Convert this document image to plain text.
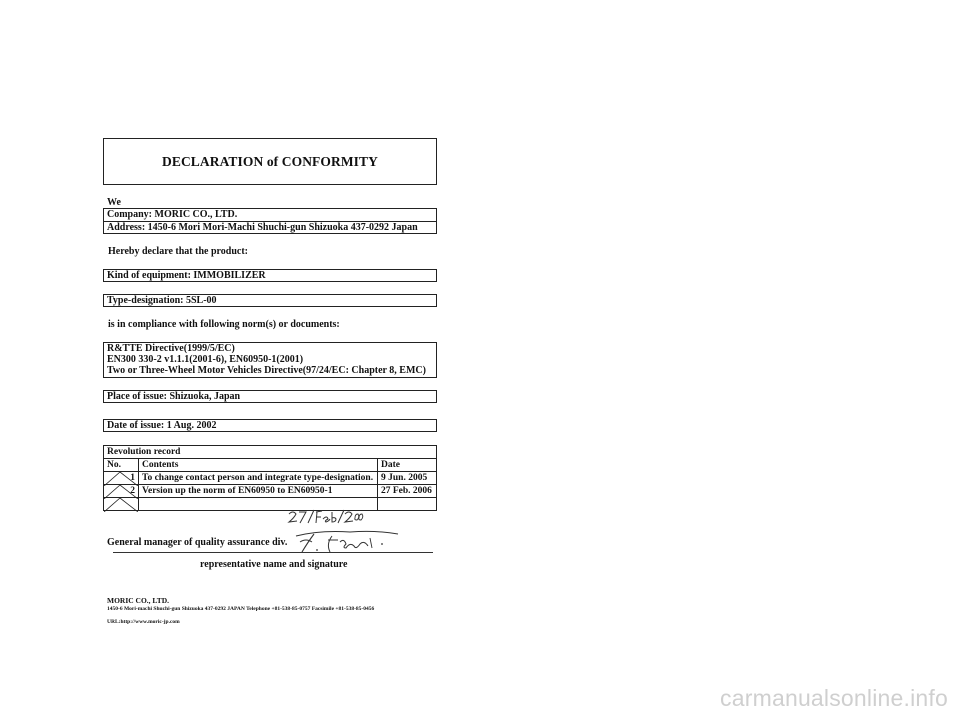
DECLARATION of CONFORMITY
We
Company: MORIC CO., LTD.
Address: 1450-6 Mori Mori-Machi Shuchi-gun Shizuoka 437-0292 Japan
Hereby declare that the product:
Kind of equipment: IMMOBILIZER
Type-designation: 5SL-00
is in compliance with following norm(s) or documents:
R&TTE Directive(1999/5/EC)
EN300 330-2 v1.1.1(2001-6), EN60950-1(2001)
Two or Three-Wheel Motor Vehicles Directive(97/24/EC: Chapter 8, EMC)
Place of issue: Shizuoka, Japan
Date of issue: 1 Aug. 2002
Revolution record		
No.	Contents	Date

1	To change contact person and integrate type-designation.	9 Jun. 2005

2	Version up the norm of EN60950 to EN60950-1	27 Feb. 2006

General manager of quality assurance div.
representative name and signature
MORIC CO., LTD.
1450-6 Mori-machi Shuchi-gun Shizuoka 437-0292 JAPAN Telephone +81-538-85-0757 Facsimile +81-538-85-0456
URL:http://www.moric-jp.com
carmanualsonline.info
